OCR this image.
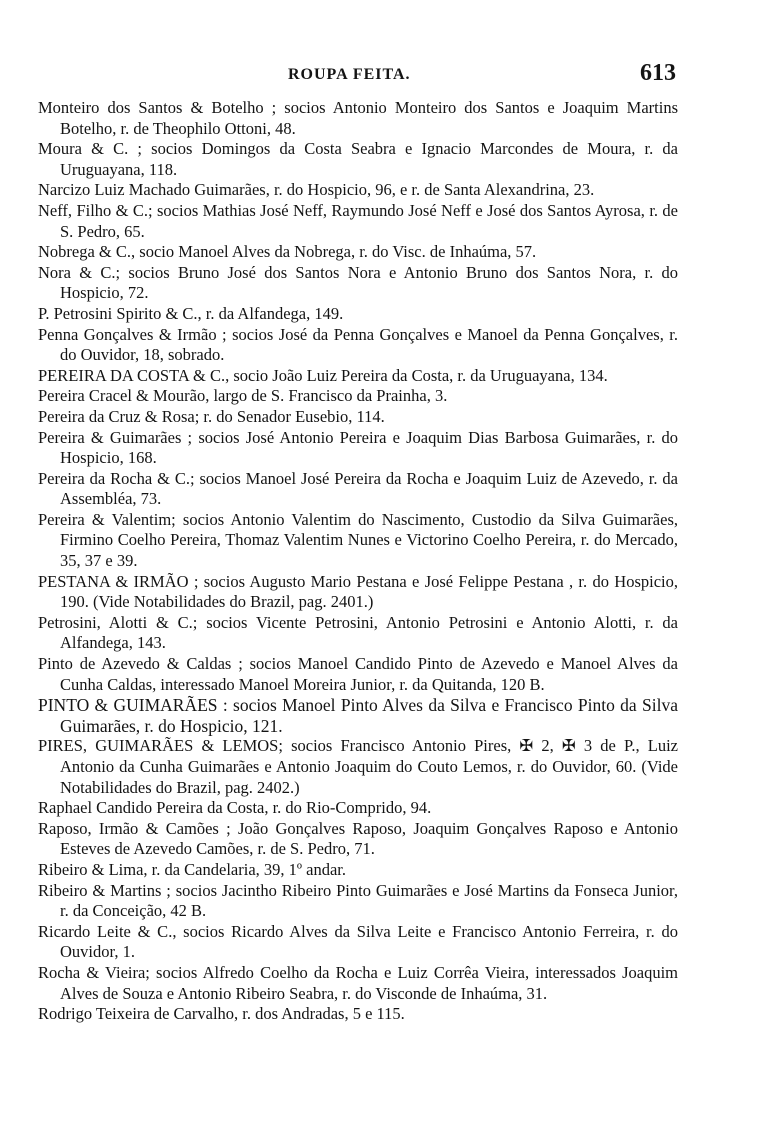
ROUPA FEITA.	613

Monteiro dos Santos & Botelho ; socios Antonio Monteiro dos Santos e Joaquim Martins Botelho, r. de Theophilo Ottoni, 48.

Moura & C. ; socios Domingos da Costa Seabra e Ignacio Marcondes de Moura, r. da Uruguayana, 118.

Narcizo Luiz Machado Guimarães, r. do Hospicio, 96, e r. de Santa Alexandrina, 23.

Neff, Filho & C.; socios Mathias José Neff, Raymundo José Neff e José dos Santos Ayrosa, r. de S. Pedro, 65.

Nobrega & C., socio Manoel Alves da Nobrega, r. do Visc. de Inhaúma, 57.

Nora & C.; socios Bruno José dos Santos Nora e Antonio Bruno dos Santos Nora, r. do Hospicio, 72.

P. Petrosini Spirito & C., r. da Alfandega, 149.

Penna Gonçalves & Irmão ; socios José da Penna Gonçalves e Manoel da Penna Gonçalves, r. do Ouvidor, 18, sobrado.

PEREIRA DA COSTA & C., socio João Luiz Pereira da Costa, r. da Uruguayana, 134.

Pereira Cracel & Mourão, largo de S. Francisco da Prainha, 3.

Pereira da Cruz & Rosa; r. do Senador Eusebio, 114.

Pereira & Guimarães ; socios José Antonio Pereira e Joaquim Dias Barbosa Guimarães, r. do Hospicio, 168.

Pereira da Rocha & C.; socios Manoel José Pereira da Rocha e Joaquim Luiz de Azevedo, r. da Assembléa, 73.

Pereira & Valentim; socios Antonio Valentim do Nascimento, Custodio da Silva Guimarães, Firmino Coelho Pereira, Thomaz Valentim Nunes e Victorino Coelho Pereira, r. do Mercado, 35, 37 e 39.

PESTANA & IRMÃO ; socios Augusto Mario Pestana e José Felippe Pestana , r. do Hospicio, 190. (Vide Notabilidades do Brazil, pag. 2401.)

Petrosini, Alotti & C.; socios Vicente Petrosini, Antonio Petrosini e Antonio Alotti, r. da Alfandega, 143.

Pinto de Azevedo & Caldas ; socios Manoel Candido Pinto de Azevedo e Manoel Alves da Cunha Caldas, interessado Manoel Moreira Junior, r. da Quitanda, 120 B.

PINTO & GUIMARÃES : socios Manoel Pinto Alves da Silva e Francisco Pinto da Silva Guimarães, r. do Hospicio, 121.

PIRES, GUIMARÃES & LEMOS; socios Francisco Antonio Pires, ✠ 2, ✠ 3 de P., Luiz Antonio da Cunha Guimarães e Antonio Joaquim do Couto Lemos, r. do Ouvidor, 60. (Vide Notabilidades do Brazil, pag. 2402.)

Raphael Candido Pereira da Costa, r. do Rio-Comprido, 94.

Raposo, Irmão & Camões ; João Gonçalves Raposo, Joaquim Gonçalves Raposo e Antonio Esteves de Azevedo Camões, r. de S. Pedro, 71.

Ribeiro & Lima, r. da Candelaria, 39, 1º andar.

Ribeiro & Martins ; socios Jacintho Ribeiro Pinto Guimarães e José Martins da Fonseca Junior, r. da Conceição, 42 B.

Ricardo Leite & C., socios Ricardo Alves da Silva Leite e Francisco Antonio Ferreira, r. do Ouvidor, 1.

Rocha & Vieira; socios Alfredo Coelho da Rocha e Luiz Corrêa Vieira, interessados Joaquim Alves de Souza e Antonio Ribeiro Seabra, r. do Visconde de Inhaúma, 31.

Rodrigo Teixeira de Carvalho, r. dos Andradas, 5 e 115.
